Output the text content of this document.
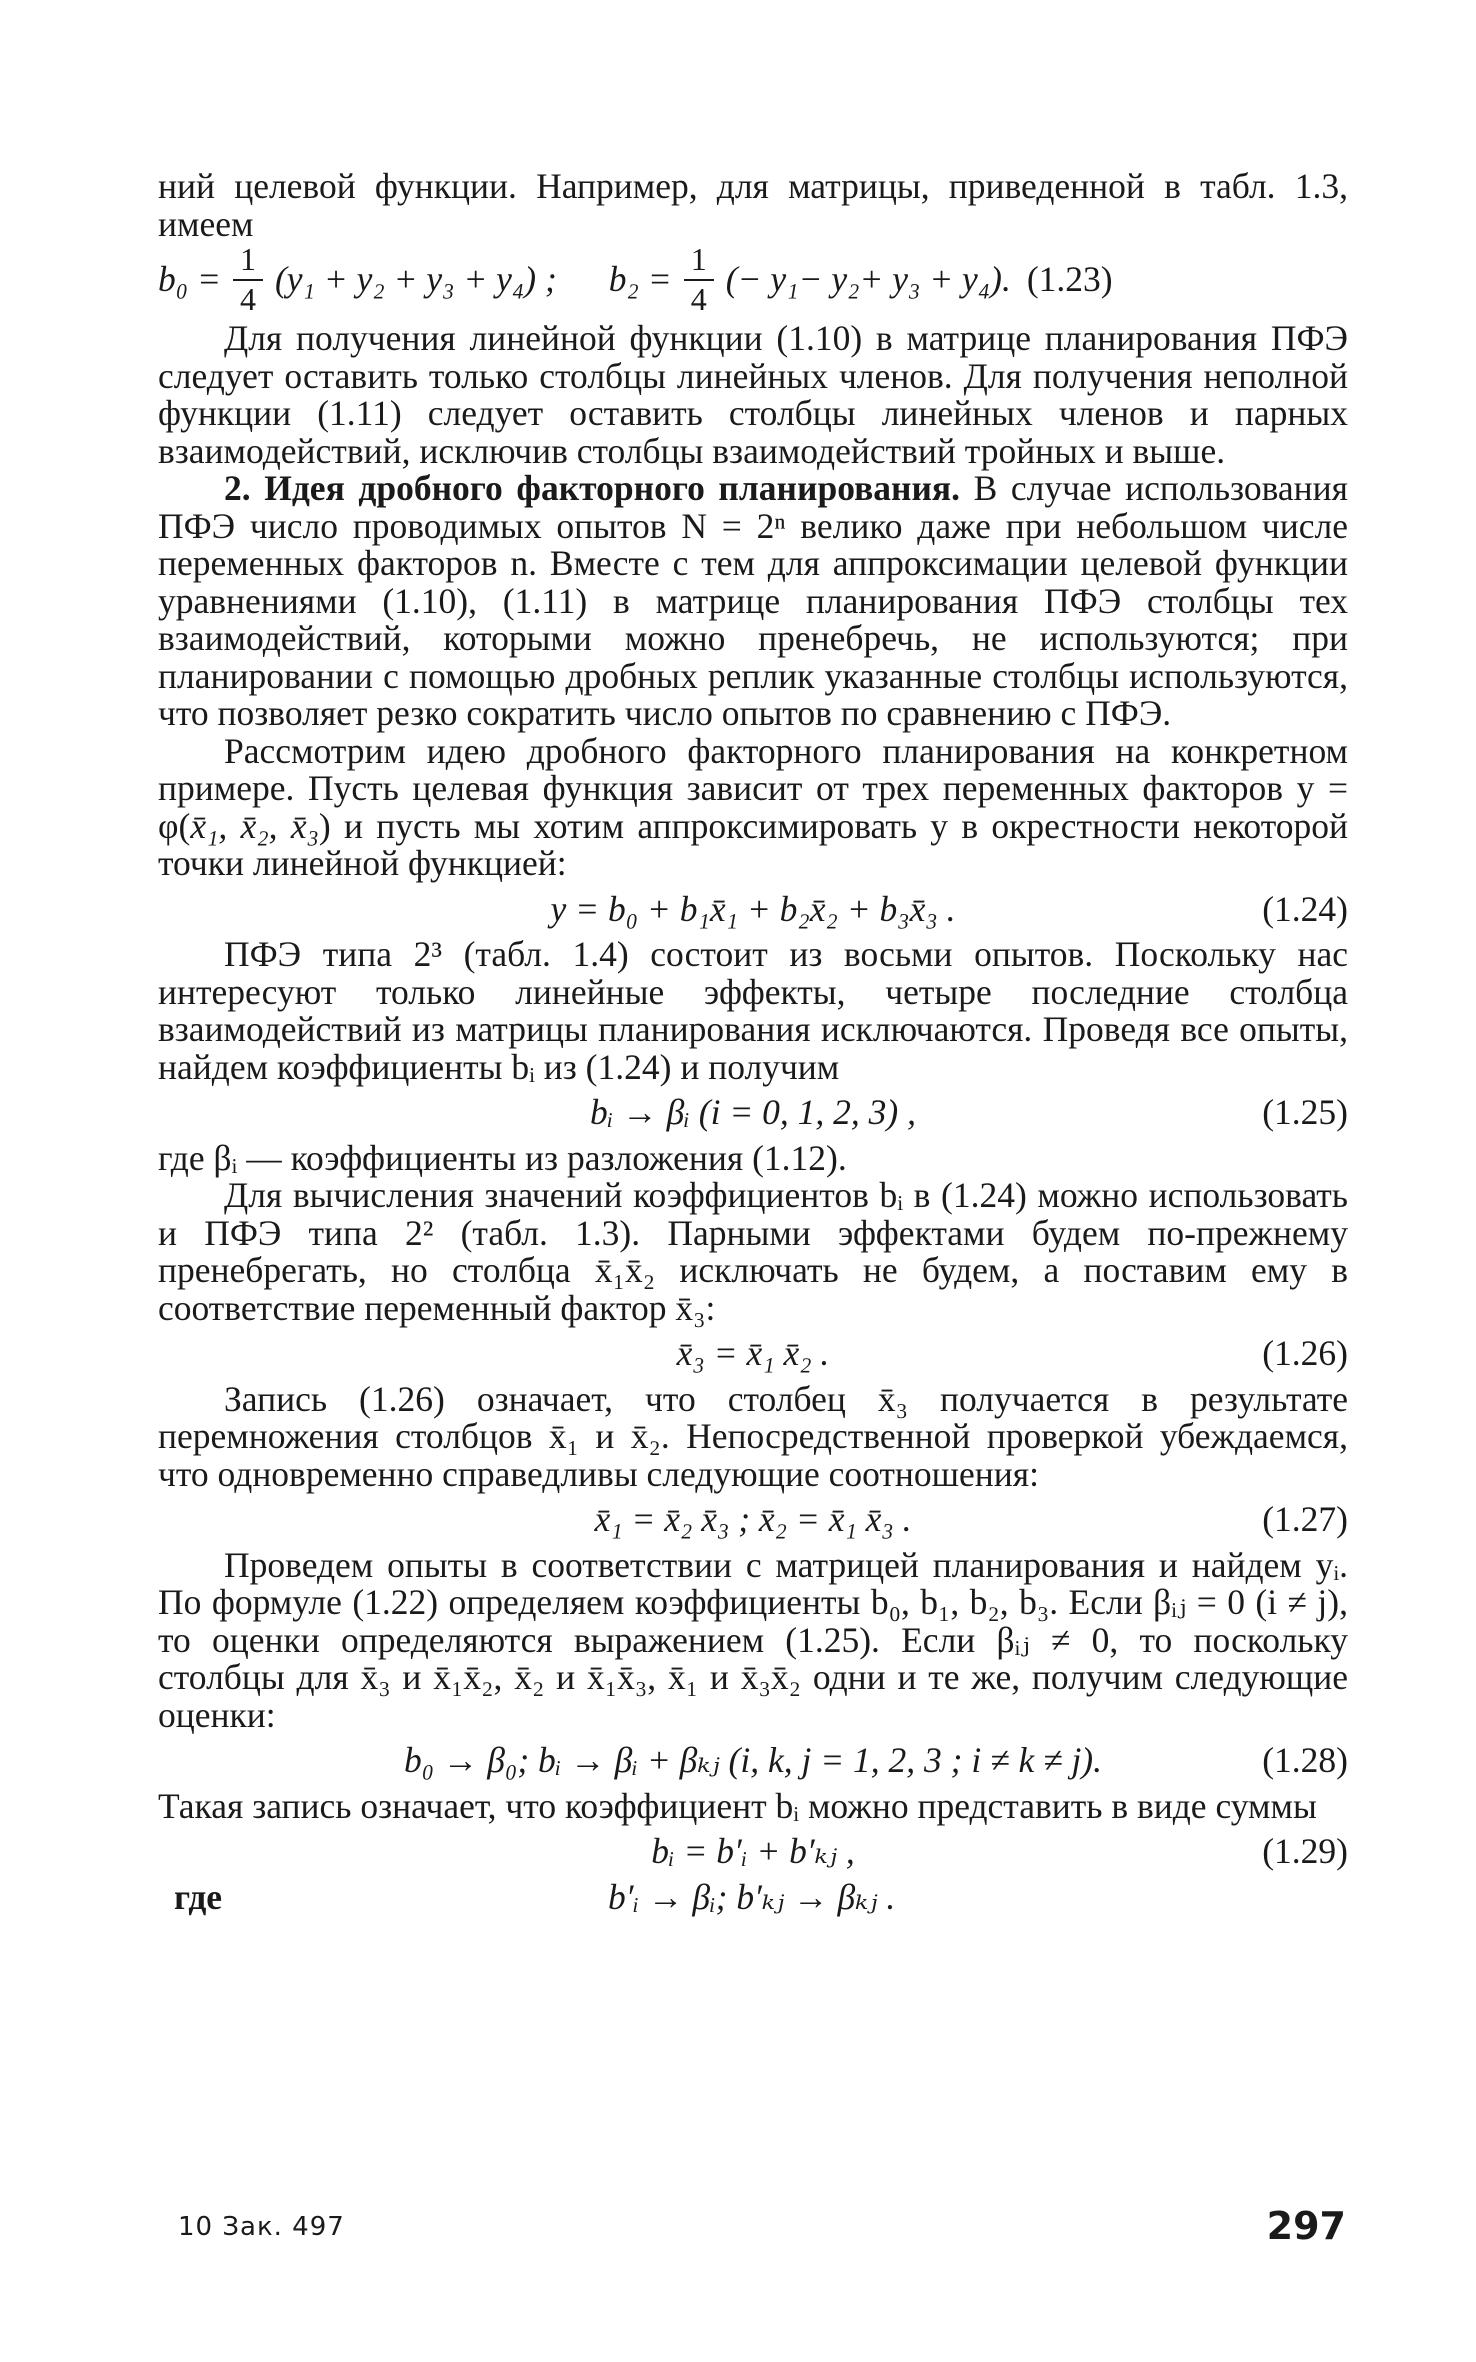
ний целевой функции. Например, для матрицы, приведенной в табл. 1.3, имеем

$b_0 = \frac{1}{4} (y_1 + y_2 + y_3 + y_4)$ ; $b_2 = \frac{1}{4}$ (− y₁− y₂+ y₃ + y₄). (1.23)

Для получения линейной функции (1.10) в матрице планирования ПФЭ следует оставить только столбцы линейных членов. Для получения неполной функции (1.11) следует оставить столбцы линейных членов и парных взаимодействий, исключив столбцы взаимодействий тройных и выше.

2. Идея дробного факторного планирования. В случае использования ПФЭ число проводимых опытов N = 2ⁿ велико даже при небольшом числе переменных факторов n. Вместе с тем для аппроксимации целевой функции уравнениями (1.10), (1.11) в матрице планирования ПФЭ столбцы тех взаимодействий, которыми можно пренебречь, не используются; при планировании с помощью дробных реплик указанные столбцы используются, что позволяет резко сократить число опытов по сравнению с ПФЭ.

Рассмотрим идею дробного факторного планирования на конкретном примере. Пусть целевая функция зависит от трех переменных факторов y = φ(x̄₁, x̄₂, x̄₃) и пусть мы хотим аппроксимировать y в окрестности некоторой точки линейной функцией:

y = b₀ + b₁x̄₁ + b₂x̄₂ + b₃x̄₃ .	(1.24)

ПФЭ типа 2³ (табл. 1.4) состоит из восьми опытов. Поскольку нас интересуют только линейные эффекты, четыре последние столбца взаимодействий из матрицы планирования исключаются. Проведя все опыты, найдем коэффициенты bᵢ из (1.24) и получим

bᵢ → βᵢ (i = 0, 1, 2, 3) ,	(1.25)

где βᵢ — коэффициенты из разложения (1.12).

Для вычисления значений коэффициентов bᵢ в (1.24) можно использовать и ПФЭ типа 2² (табл. 1.3). Парными эффектами будем по-прежнему пренебрегать, но столбца x̄₁x̄₂ исключать не будем, а поставим ему в соответствие переменный фактор x̄₃:

x̄₃ = x̄₁ x̄₂ .	(1.26)

Запись (1.26) означает, что столбец x̄₃ получается в результате перемножения столбцов x̄₁ и x̄₂. Непосредственной проверкой убеждаемся, что одновременно справедливы следующие соотношения:

x̄₁ = x̄₂ x̄₃ ; x̄₂ = x̄₁ x̄₃ .	(1.27)

Проведем опыты в соответствии с матрицей планирования и найдем yᵢ. По формуле (1.22) определяем коэффициенты b₀, b₁, b₂, b₃. Если βᵢⱼ = 0 (i ≠ j), то оценки определяются выражением (1.25). Если βᵢⱼ ≠ 0, то поскольку столбцы для x̄₃ и x̄₁x̄₂, x̄₂ и x̄₁x̄₃, x̄₁ и x̄₃x̄₂ одни и те же, получим следующие оценки:

b₀ → β₀; bᵢ → βᵢ + βₖⱼ (i, k, j = 1, 2, 3 ; i ≠ k ≠ j).	(1.28)

Такая запись означает, что коэффициент bᵢ можно представить в виде суммы

bᵢ = b′ᵢ + b′ₖⱼ ,	(1.29)
где	b′ᵢ → βᵢ; b′ₖⱼ → βₖⱼ .
10 Зак. 497	297
